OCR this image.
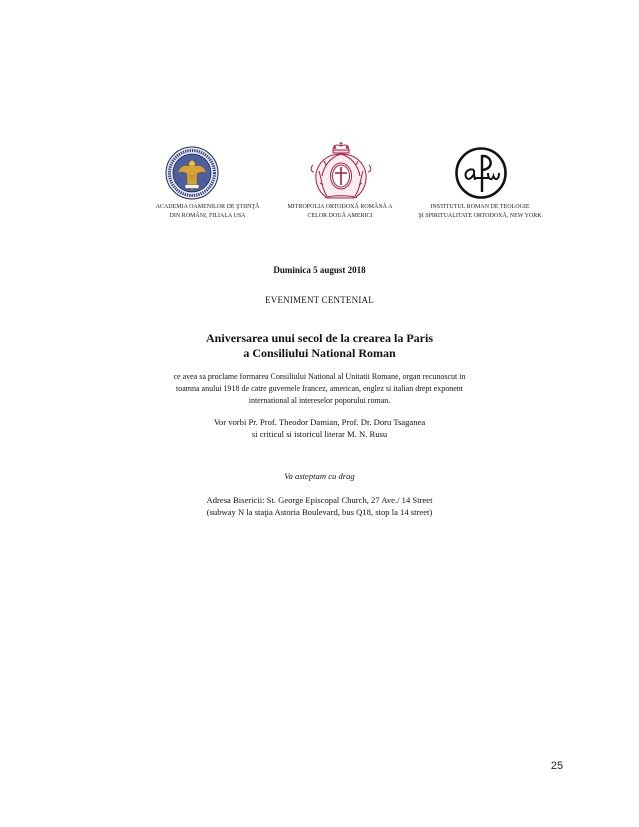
ACADEMIA OAMENILOR DE ŞTIINŢĂ
DIN ROMÂNI, FILIALA USA
MITROPOLIA ORTODOXĂ ROMÂNĂ A
CELOR DOUĂ AMERICI
INSTITUTUL ROMAN DE TEOLOGIE
ŞI SPIRITUALITATE ORTODOXĂ, NEW YORK
Duminica 5 august 2018
EVENIMENT CENTENIAL
Aniversarea unui secol de la crearea la Paris
a Consiliului National Roman
ce avea sa proclame formarea Consiliului National al Unitatii Romane, organ recunoscut in
toamna anului 1918 de catre guvernele francez, american, englez si italian drept exponent
international al intereselor poporului roman.
Vor vorbi Pr. Prof. Theodor Damian, Prof. Dr. Doru Tsaganea
si criticul si istoricul literar M. N. Rusu
Va asteptam cu drag
Adresa Bisericii: St. George Episcopal Church, 27 Ave./ 14 Street
(subway N la staţia Astoria Boulevard, bus Q18, stop la 14 street)
25
